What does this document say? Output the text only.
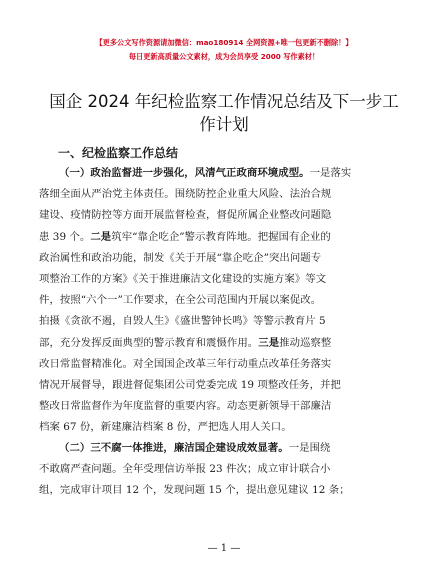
【更多公文写作资源请加微信：mao180914 全网资源+唯一包更新不删除！】
每日更新高质量公文素材，成为会员享受 2000 写作素材！
国企 2024 年纪检监察工作情况总结及下一步工
作计划
一、纪检监察工作总结
（一）政治监督进一步强化，风清气正政商环境成型。一是落实
落细全面从严治党主体责任。围绕防控企业重大风险、法治合规
建设、疫情防控等方面开展监督检查，督促所属企业整改问题隐
患 39 个。二是筑牢“靠企吃企”警示教育阵地。把握国有企业的
政治属性和政治功能，制发《关于开展“靠企吃企”突出问题专
项整治工作的方案》《关于推进廉洁文化建设的实施方案》等文
件，按照“六个一”工作要求，在全公司范围内开展以案促改。
拍摄《贪欲不遏，自毁人生》《盛世警钟长鸣》等警示教育片 5
部，充分发挥反面典型的警示教育和震慑作用。三是推动巡察整
改日常监督精准化。对全国国企改革三年行动重点改革任务落实
情况开展督导，跟进督促集团公司党委完成 19 项整改任务，并把
整改日常监督作为年度监督的重要内容。动态更新领导干部廉洁
档案 67 份，新建廉洁档案 8 份，严把选人用人关口。
（二）三不腐一体推进，廉洁国企建设成效显著。一是围绕
不敢腐严查问题。全年受理信访举报 23 件次；成立审计联合小
组，完成审计项目 12 个，发现问题 15 个，提出意见建议 12 条；
— 1 —
